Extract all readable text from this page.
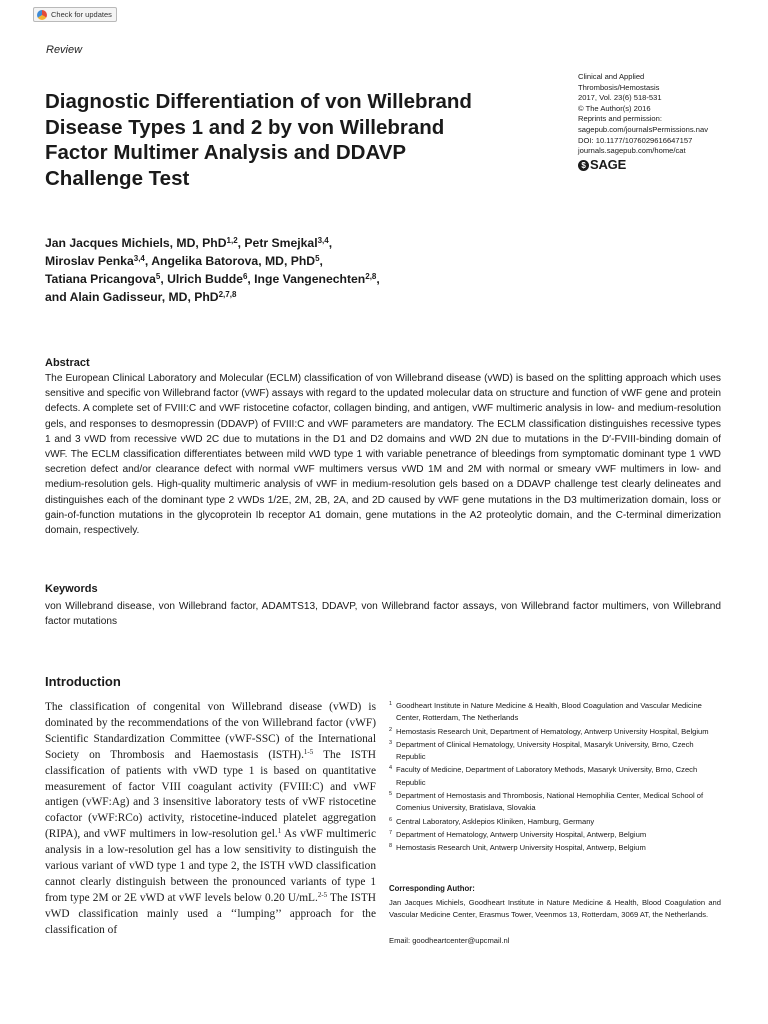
Check for updates
Review
Diagnostic Differentiation of von Willebrand Disease Types 1 and 2 by von Willebrand Factor Multimer Analysis and DDAVP Challenge Test
Clinical and Applied
Thrombosis/Hemostasis
2017, Vol. 23(6) 518-531
© The Author(s) 2016
Reprints and permission:
sagepub.com/journalsPermissions.nav
DOI: 10.1177/1076029616647157
journals.sagepub.com/home/cat
$ SAGE
Jan Jacques Michiels, MD, PhD$^{1,2}$, Petr Smejkal$^{3,4}$,
Miroslav Penka$^{3,4}$, Angelika Batorova, MD, PhD$^5$,
Tatiana Pricangova$^5$, Ulrich Budde$^6$, Inge Vangenechten$^{2,8}$,
and Alain Gadisseur, MD, PhD$^{2,7,8}$
Abstract

The European Clinical Laboratory and Molecular (ECLM) classification of von Willebrand disease (vWD) is based on the splitting approach which uses sensitive and specific von Willebrand factor (vWF) assays with regard to the updated molecular data on structure and function of vWF gene and protein defects. A complete set of FVIII:C and vWF ristocetine cofactor, collagen binding, and antigen, vWF multimeric analysis in low- and medium-resolution gels, and responses to desmopressin (DDAVP) of FVIII:C and vWF parameters are mandatory. The ECLM classification distinguishes recessive types 1 and 3 vWD from recessive vWD 2C due to mutations in the D1 and D2 domains and vWD 2N due to mutations in the D′-FVIII-binding domain of vWF. The ECLM classification differentiates between mild vWD type 1 with variable penetrance of bleedings from symptomatic dominant type 1 vWD secretion defect and/or clearance defect with normal vWF multimers versus vWD 1M and 2M with normal or smeary vWF multimers in low- and medium-resolution gels. High-quality multimeric analysis of vWF in medium-resolution gels based on a DDAVP challenge test clearly delineates and distinguishes each of the dominant type 2 vWDs 1/2E, 2M, 2B, 2A, and 2D caused by vWF gene mutations in the D3 multimerization domain, loss or gain-of-function mutations in the glycoprotein Ib receptor A1 domain, gene mutations in the A2 proteolytic domain, and the C-terminal dimerization domain, respectively.

Keywords

von Willebrand disease, von Willebrand factor, ADAMTS13, DDAVP, von Willebrand factor assays, von Willebrand factor multimers, von Willebrand factor mutations

Introduction

The classification of congenital von Willebrand disease (vWD) is dominated by the recommendations of the von Willebrand factor (vWF) Scientific Standardization Committee (vWF-SSC) of the International Society on Thrombosis and Haemostasis (ISTH).$^{1-5}$ The ISTH classification of patients with vWD type 1 is based on quantitative measurement of factor VIII coagulant activity (FVIII:C) and vWF antigen (vWF:Ag) and 3 insensitive laboratory tests of vWF ristocetine cofactor (vWF:RCo) activity, ristocetine-induced platelet aggregation (RIPA), and vWF multimers in low-resolution gel.$^1$ As vWF multimeric analysis in a low-resolution gel has a low sensitivity to distinguish the various variant of vWD type 1 and type 2, the ISTH vWD classification cannot clearly distinguish between the pronounced variants of type 1 from type 2M or 2E vWD at vWF levels below 0.20 U/mL.$^{2-5}$ The ISTH vWD classification mainly used a ‘‘lumping’’ approach for the classification of

1 Goodheart Institute in Nature Medicine & Health, Blood Coagulation and Vascular Medicine Center, Rotterdam, The Netherlands
2 Hemostasis Research Unit, Department of Hematology, Antwerp University Hospital, Belgium
3 Department of Clinical Hematology, University Hospital, Masaryk University, Brno, Czech Republic
4 Faculty of Medicine, Department of Laboratory Methods, Masaryk University, Brno, Czech Republic
5 Department of Hemostasis and Thrombosis, National Hemophilia Center, Medical School of Comenius University, Bratislava, Slovakia
6 Central Laboratory, Asklepios Kliniken, Hamburg, Germany
7 Department of Hematology, Antwerp University Hospital, Antwerp, Belgium
8 Hemostasis Research Unit, Antwerp University Hospital, Antwerp, Belgium
Corresponding Author:

Jan Jacques Michiels, Goodheart Institute in Nature Medicine & Health, Blood Coagulation and Vascular Medicine Center, Erasmus Tower, Veenmos 13, Rotterdam, 3069 AT, the Netherlands.

Email: goodheartcenter@upcmail.nl
